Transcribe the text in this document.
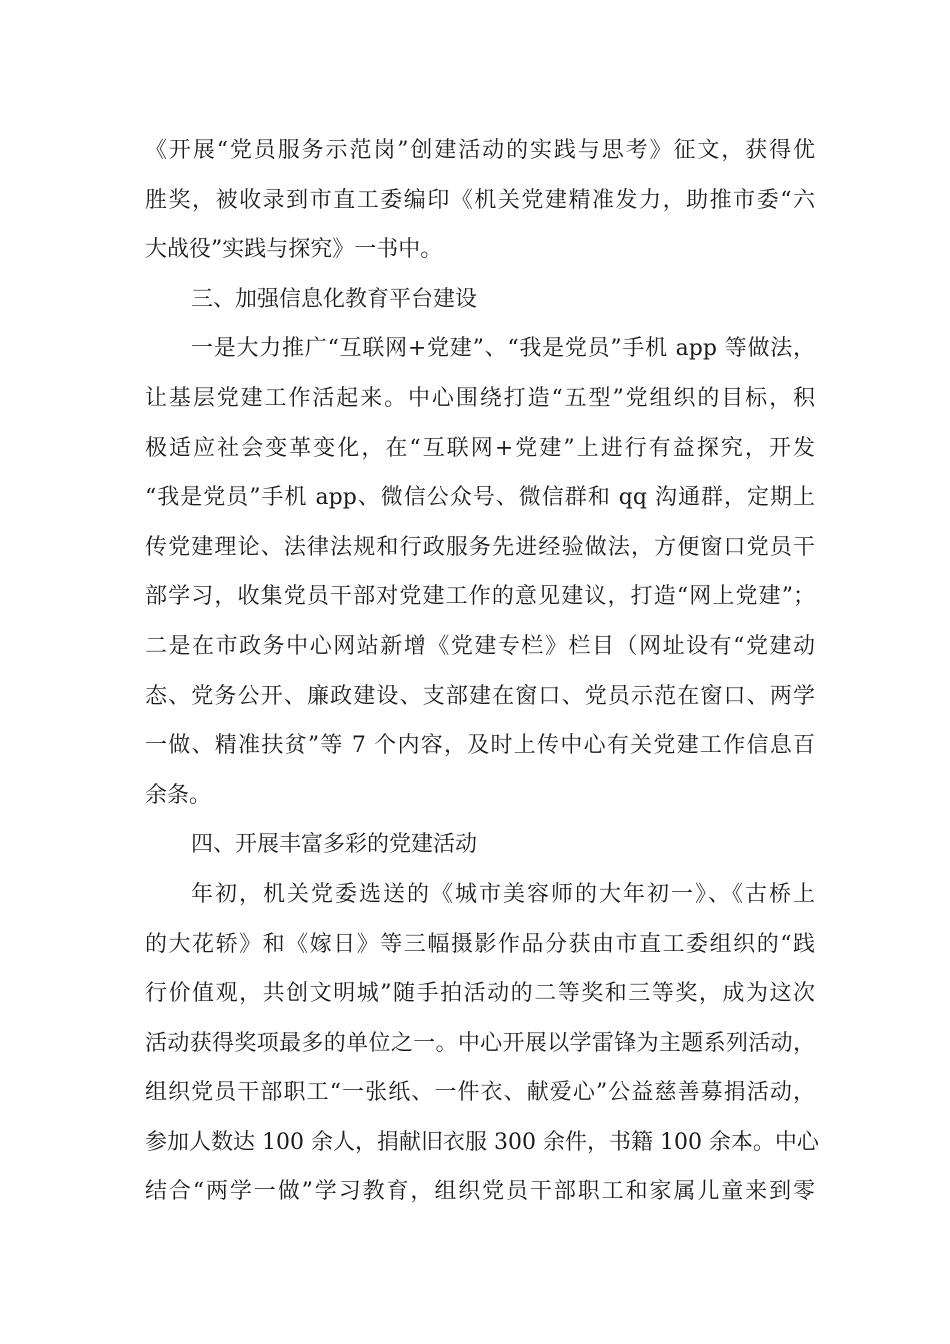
《开展“党员服务示范岗”创建活动的实践与思考》征文，获得优
胜奖，被收录到市直工委编印《机关党建精准发力，助推市委“六
大战役”实践与探究》一书中。
三、加强信息化教育平台建设
一是大力推广“互联网+党建”、“我是党员”手机 app 等做法，
让基层党建工作活起来。中心围绕打造“五型”党组织的目标，积
极适应社会变革变化，在“互联网+党建”上进行有益探究，开发
“我是党员”手机 app、微信公众号、微信群和 qq 沟通群，定期上
传党建理论、法律法规和行政服务先进经验做法，方便窗口党员干
部学习，收集党员干部对党建工作的意见建议，打造“网上党建”；
二是在市政务中心网站新增《党建专栏》栏目（网址设有“党建动
态、党务公开、廉政建设、支部建在窗口、党员示范在窗口、两学
一做、精准扶贫”等 7 个内容，及时上传中心有关党建工作信息百
余条。
四、开展丰富多彩的党建活动
年初，机关党委选送的《城市美容师的大年初一》、《古桥上
的大花轿》和《嫁日》等三幅摄影作品分获由市直工委组织的“践
行价值观，共创文明城”随手拍活动的二等奖和三等奖，成为这次
活动获得奖项最多的单位之一。中心开展以学雷锋为主题系列活动，
组织党员干部职工“一张纸、一件衣、献爱心”公益慈善募捐活动，
参加人数达 100 余人，捐献旧衣服 300 余件，书籍 100 余本。中心
结合“两学一做”学习教育，组织党员干部职工和家属儿童来到零
